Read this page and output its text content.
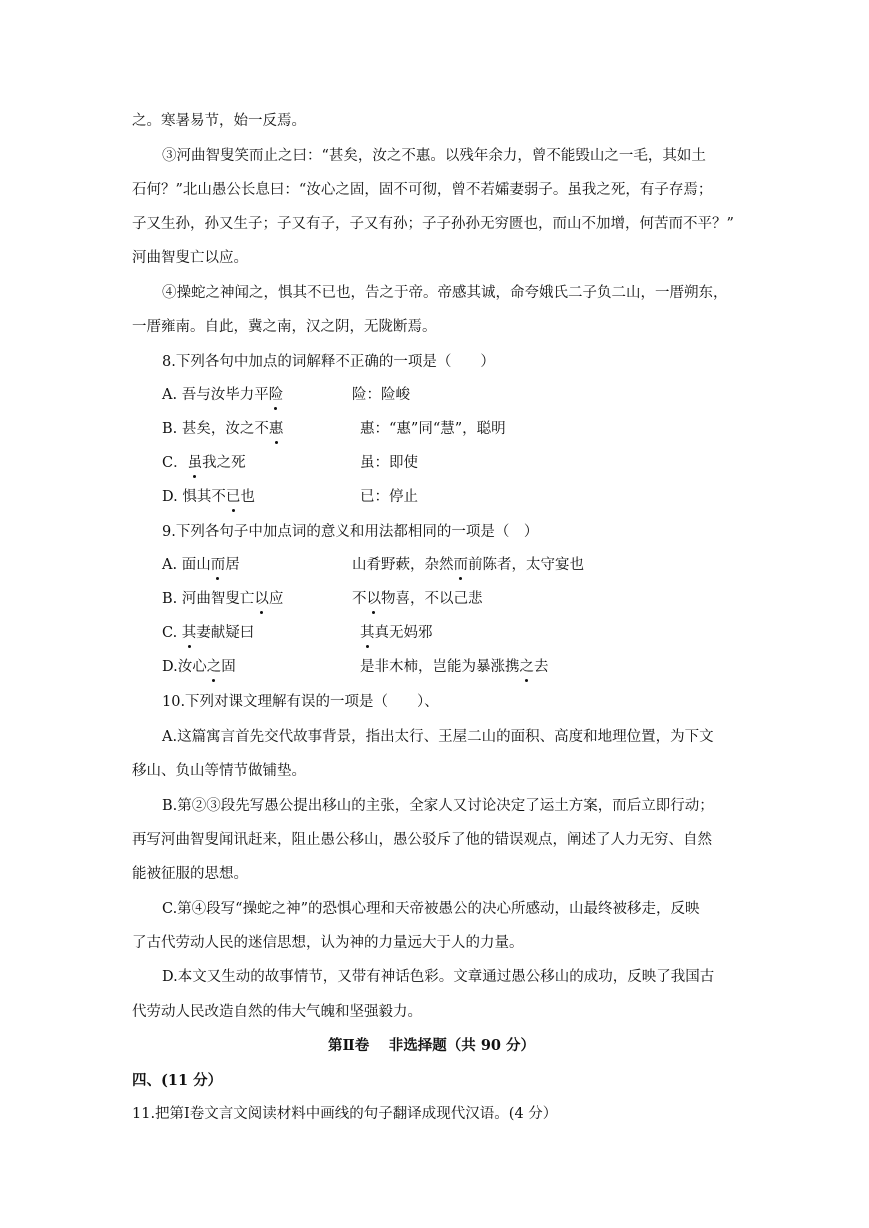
之。寒暑易节，始一反焉。
③河曲智叟笑而止之曰：“甚矣，汝之不惠。以残年余力，曾不能毁山之一毛，其如土
石何？”北山愚公长息曰：“汝心之固，固不可彻，曾不若孀妻弱子。虽我之死，有子存焉；
子又生孙，孙又生子；子又有子，子又有孙；子子孙孙无穷匮也，而山不加增，何苦而不平？”
河曲智叟亡以应。
④操蛇之神闻之，惧其不已也，告之于帝。帝感其诚，命夸娥氏二子负二山，一厝朔东，
一厝雍南。自此，冀之南，汉之阴，无陇断焉。
8.下列各句中加点的词解释不正确的一项是（　　）
A. 吾与汝毕力平险	险：险峻
B. 甚矣，汝之不惠	惠：“惠”同“慧”，聪明
C．虽我之死	虽：即使
D. 惧其不已也	已：停止
9.下列各句子中加点词的意义和用法都相同的一项是（　）
A. 面山而居	山肴野蔌，杂然而前陈者，太守宴也
B. 河曲智叟亡以应	不以物喜，不以己悲
C. 其妻献疑曰	其真无妈邪
D.汝心之固	是非木柿，岂能为暴涨携之去
10.下列对课文理解有误的一项是（　　）、
A.这篇寓言首先交代故事背景，指出太行、王屋二山的面积、高度和地理位置，为下文
移山、负山等情节做铺垫。
B.第②③段先写愚公提出移山的主张，全家人又讨论决定了运土方案，而后立即行动；
再写河曲智叟闻讯赶来，阻止愚公移山，愚公驳斥了他的错误观点，阐述了人力无穷、自然
能被征服的思想。
C.第④段写“操蛇之神”的恐惧心理和天帝被愚公的决心所感动，山最终被移走，反映
了古代劳动人民的迷信思想，认为神的力量远大于人的力量。
D.本文又生动的故事情节，又带有神话色彩。文章通过愚公移山的成功，反映了我国古
代劳动人民改造自然的伟大气魄和坚强毅力。
第Ⅱ卷　 非选择题（共 90 分）
四、(11 分）
11.把第Ⅰ卷文言文阅读材料中画线的句子翻译成现代汉语。(4 分）
